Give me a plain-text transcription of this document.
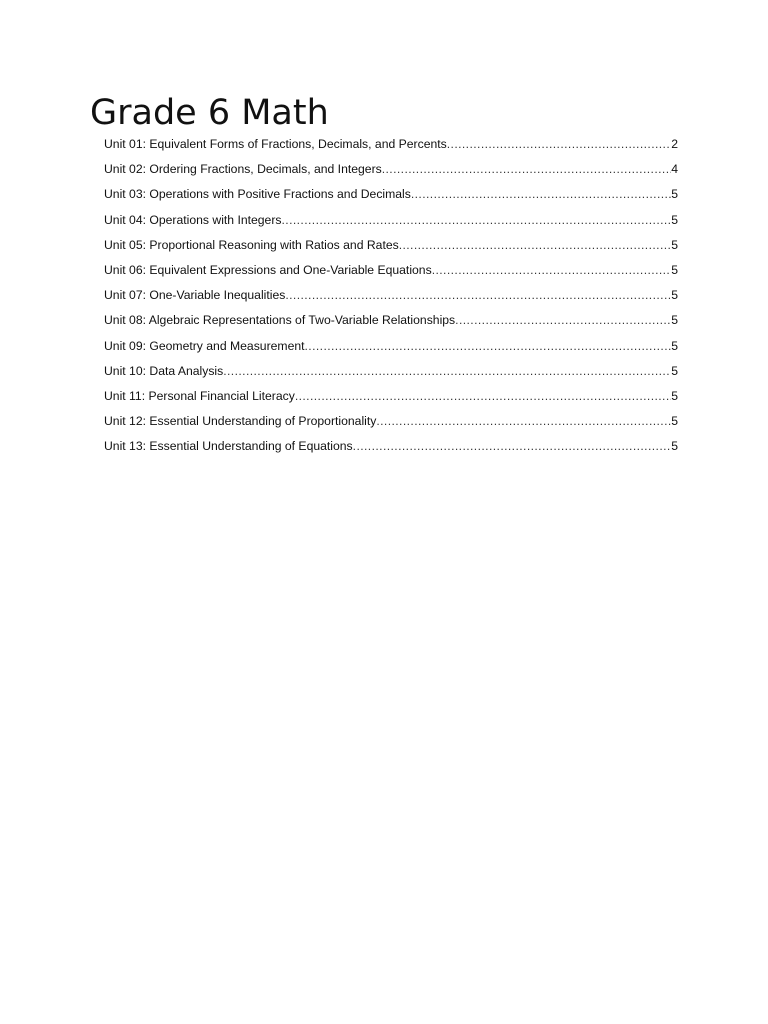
Grade 6 Math
Unit 01: Equivalent Forms of Fractions, Decimals, and Percents .....	2
Unit 02: Ordering Fractions, Decimals, and Integers .....	4
Unit 03: Operations with Positive Fractions and Decimals .....	5
Unit 04: Operations with Integers .....	5
Unit 05: Proportional Reasoning with Ratios and Rates .....	5
Unit 06: Equivalent Expressions and One-Variable Equations .....	5
Unit 07: One-Variable Inequalities .....	5
Unit 08: Algebraic Representations of Two-Variable Relationships .....	5
Unit 09: Geometry and Measurement .....	5
Unit 10: Data Analysis .....	5
Unit 11: Personal Financial Literacy .....	5
Unit 12: Essential Understanding of Proportionality .....	5
Unit 13: Essential Understanding of Equations .....	5
